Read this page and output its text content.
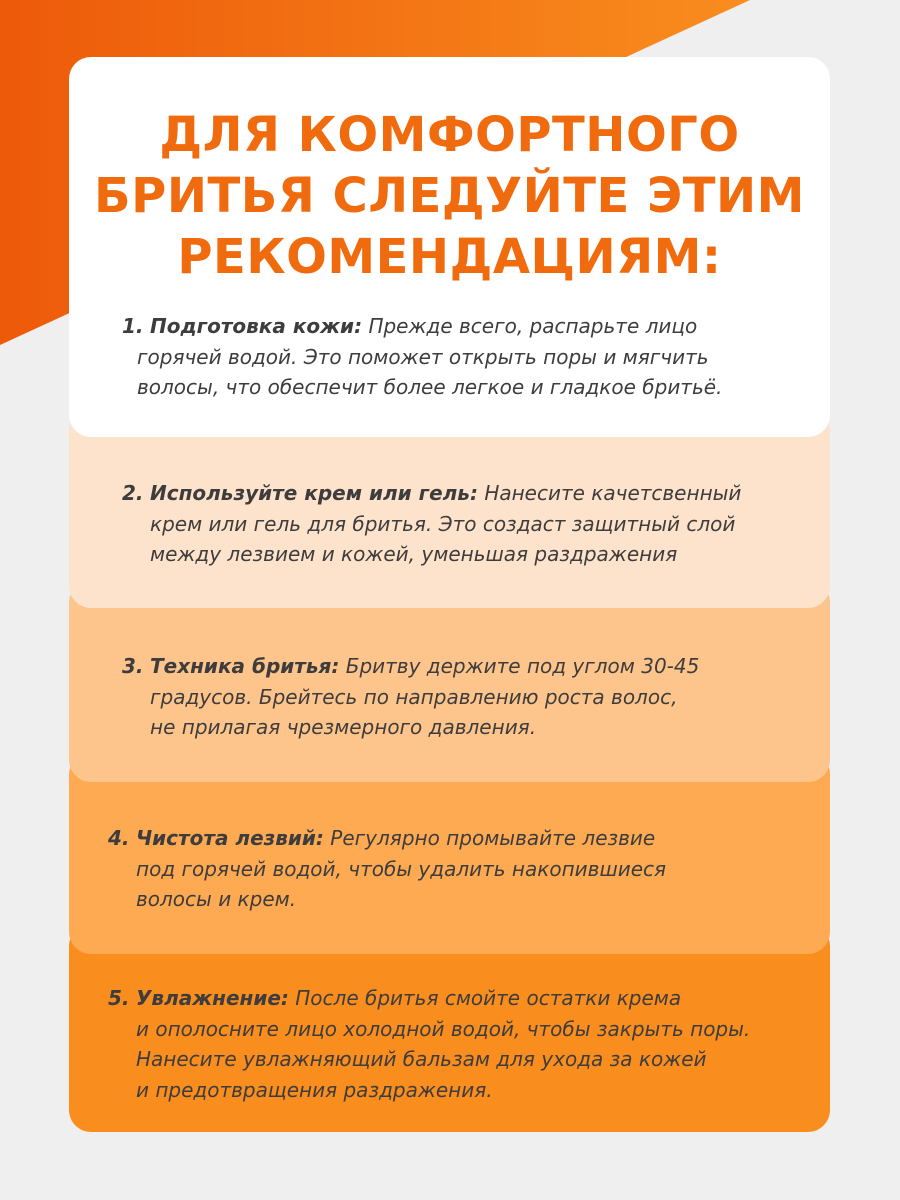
ДЛЯ КОМФОРТНОГО
БРИТЬЯ СЛЕДУЙТЕ ЭТИМ
РЕКОМЕНДАЦИЯМ:
1. Подготовка кожи: Прежде всего, распарьте лицо
горячей водой. Это поможет открыть поры и мягчить
волосы, что обеспечит более легкое и гладкое бритьё.
2. Используйте крем или гель: Нанесите качетсвенный
крем или гель для бритья. Это создаст защитный слой
между лезвием и кожей, уменьшая раздражения
3. Техника бритья: Бритву держите под углом 30-45
градусов. Брейтесь по направлению роста волос,
не прилагая чрезмерного давления.
4. Чистота лезвий: Регулярно промывайте лезвие
под горячей водой, чтобы удалить накопившиеся
волосы и крем.
5. Увлажнение: После бритья смойте остатки крема
и ополосните лицо холодной водой, чтобы закрыть поры.
Нанесите увлажняющий бальзам для ухода за кожей
и предотвращения раздражения.
